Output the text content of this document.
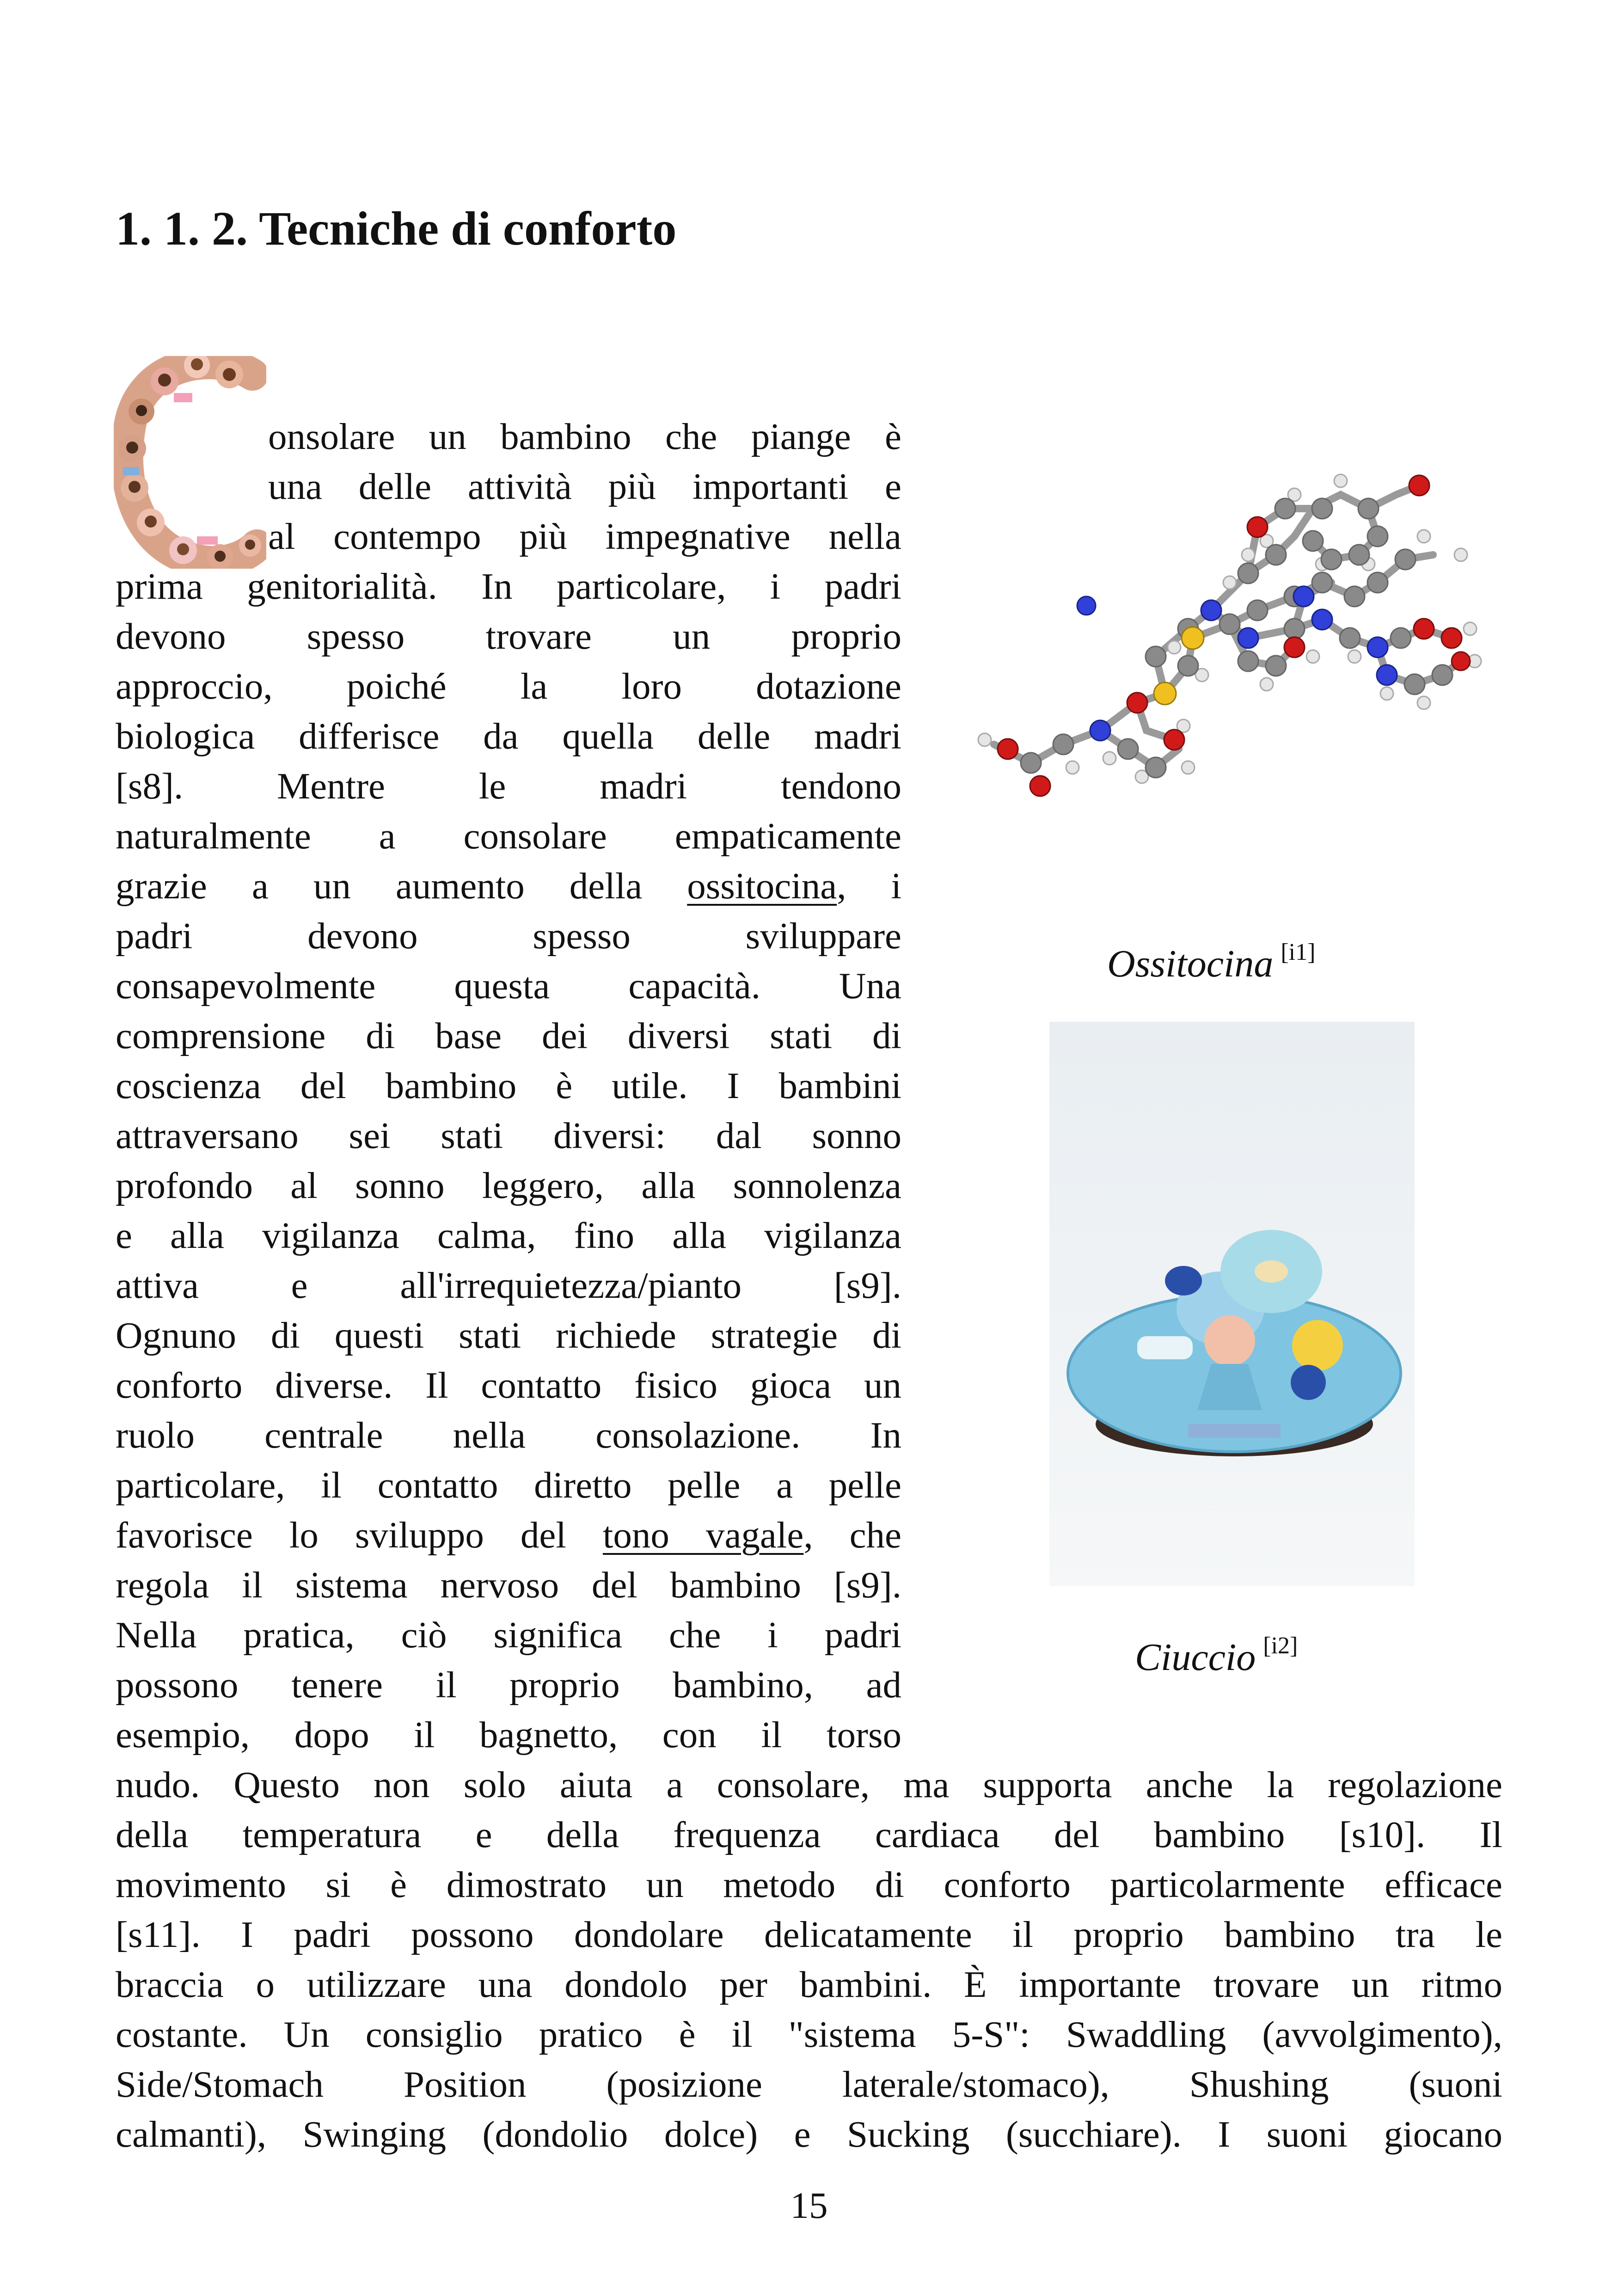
1. 1. 2. Tecniche di conforto

onsolare un bambino che piange è

una delle attività più importanti e

al contempo più impegnative nella

prima genitorialità. In particolare, i padri

devono spesso trovare un proprio

approccio, poiché la loro dotazione

biologica differisce da quella delle madri

[s8]. Mentre le madri tendono

naturalmente a consolare empaticamente

grazie a un aumento della ossitocina, i

padri devono spesso sviluppare

consapevolmente questa capacità. Una

comprensione di base dei diversi stati di

coscienza del bambino è utile. I bambini

attraversano sei stati diversi: dal sonno

profondo al sonno leggero, alla sonnolenza

e alla vigilanza calma, fino alla vigilanza

attiva e all'irrequietezza/pianto [s9].

Ognuno di questi stati richiede strategie di

conforto diverse. Il contatto fisico gioca un

ruolo centrale nella consolazione. In

particolare, il contatto diretto pelle a pelle

favorisce lo sviluppo del tono vagale, che

regola il sistema nervoso del bambino [s9].

Nella pratica, ciò significa che i padri

possono tenere il proprio bambino, ad

esempio, dopo il bagnetto, con il torso

nudo. Questo non solo aiuta a consolare, ma supporta anche la regolazione

della temperatura e della frequenza cardiaca del bambino [s10]. Il

movimento si è dimostrato un metodo di conforto particolarmente efficace

[s11]. I padri possono dondolare delicatamente il proprio bambino tra le

braccia o utilizzare una dondolo per bambini. È importante trovare un ritmo

costante. Un consiglio pratico è il "sistema 5-S": Swaddling (avvolgimento),

Side/Stomach Position (posizione laterale/stomaco), Shushing (suoni

calmanti), Swinging (dondolio dolce) e Sucking (succhiare). I suoni giocano

Ossitocina [i1]
Ciuccio [i2]
15
